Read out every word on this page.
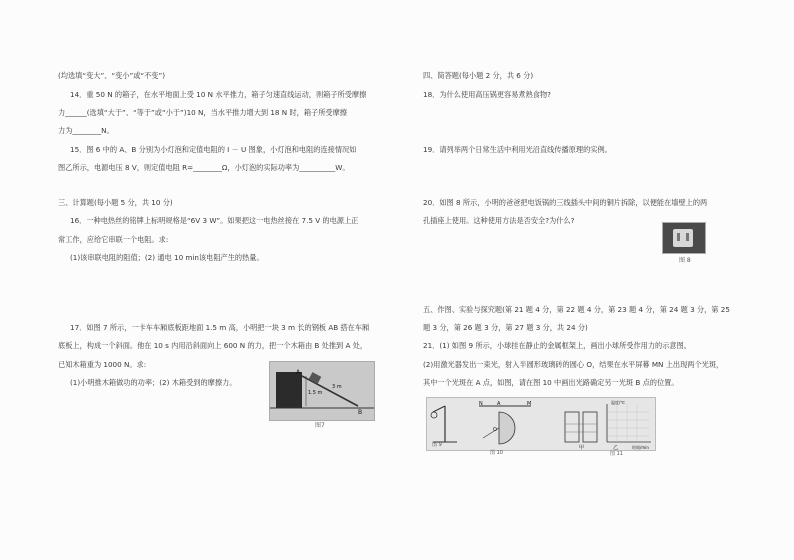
(均选填“变大”、“变小”或“不变”)
14．重 50 N 的箱子，在水平地面上受 10 N 水平推力，箱子匀速直线运动，则箱子所受摩擦
力______(选填“大于”、“等于”或“小于”)10 N，当水平推力增大到 18 N 时，箱子所受摩擦
力为________N。
15．图 6 中的 A、B 分别为小灯泡和定值电阻的 I － U 图象，小灯泡和电阻的连接情况如
图乙所示，电源电压 8 V，则定值电阻 R=________Ω，小灯泡的实际功率为__________W。
三、计算题(每小题 5 分，共 10 分)
16．一种电热丝的铭牌上标明规格是“6V 3 W”。如果把这一电热丝接在 7.5 V 的电源上正
常工作，应给它串联一个电阻。求:
(1)该串联电阻的阻值；(2) 通电 10 min该电阻产生的热量。
17．如图 7 所示，一卡车车厢底板距地面 1.5 m 高，小明把一块 3 m 长的钢板 AB 搭在车厢
底板上，构成一个斜面。他在 10 s 内用沿斜面向上 600 N 的力，把一个木箱由 B 处推到 A 处，
已知木箱重为 1000 N。求:
(1)小明推木箱做功的功率；(2) 木箱受到的摩擦力。
A
1.5 m
3 m
B
图7
四、简答题(每小题 2 分，共 6 分)
18．为什么使用高压锅更容易煮熟食物?
19．请列举两个日常生活中利用光沿直线传播原理的实例。
20．如图 8 所示，小明的爸爸把电饭锅的三线插头中间的铜片拆除，以便能在墙壁上的两
孔插座上使用。这种使用方法是否安全?为什么?
图 8
五、作图、实验与探究题(第 21 题 4 分，第 22 题 4 分，第 23 题 4 分，第 24 题 3 分，第 25
题 3 分，第 26 题 3 分，第 27 题 3 分，共 24 分)
21．(1) 如图 9 所示，小球挂在静止的金属框架上，画出小球所受作用力的示意图。
(2)用激光器发出一束光，射入半圆形玻璃砖的圆心 O，结果在水平屏幕 MN 上出现两个光斑，
其中一个光斑在 A 点，如图，请在图 10 中画出光路确定另一光斑 B 点的位置。
N	A	M
O
甲
温度/℃
时间/min
乙
图 9
图 10	图 11
